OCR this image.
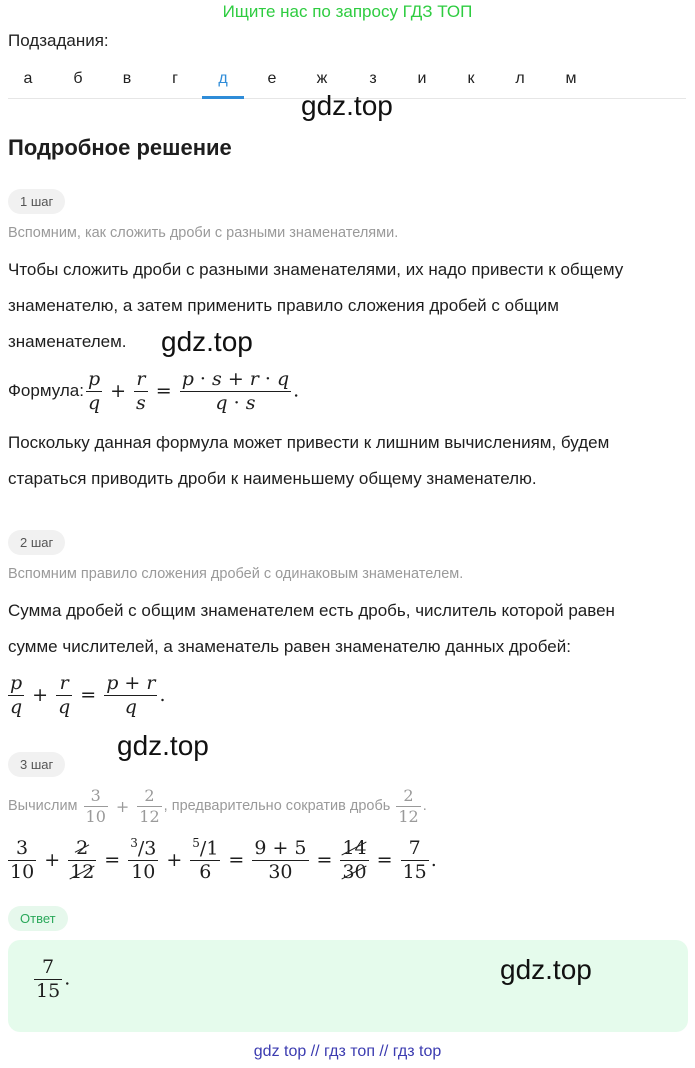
Ищите нас по запросу ГДЗ ТОП
Подзадания:
а	б	в	г	д	е	ж	з	и	к	л	м
gdz.top
Подробное решение
1 шаг
Вспомним, как сложить дроби с разными знаменателями.
Чтобы сложить дроби с разными знаменателями, их надо привести к общему
знаменателю, а затем применить правило сложения дробей с общим
знаменателем.	gdz.top
Формула: $\frac{p}{q} + \frac{r}{s} = \frac{p \cdot s + r \cdot q}{q \cdot s}$ .
Поскольку данная формула может привести к лишним вычислениям, будем
стараться приводить дроби к наименьшему общему знаменателю.
2 шаг
Вспомним правило сложения дробей с одинаковым знаменателем.
Сумма дробей с общим знаменателем есть дробь, числитель которой равен
сумме числителей, а знаменатель равен знаменателю данных дробей:
$\frac{p}{q} + \frac{r}{q} = \frac{p + r}{q}$ .
gdz.top
3 шаг
Вычислим $\frac{3}{10} + \frac{2}{12}$ , предварительно сократив дробь $\frac{2}{12}$ .
$\frac{3}{10} + \frac{2}{12} = \frac{^3/3}{10} + \frac{^5/1}{6} = \frac{9 + 5}{30} = \frac{14}{30} = \frac{7}{15}$ .
Ответ
$\frac{7}{15}$ .	gdz.top
gdz top // гдз топ // гдз top
